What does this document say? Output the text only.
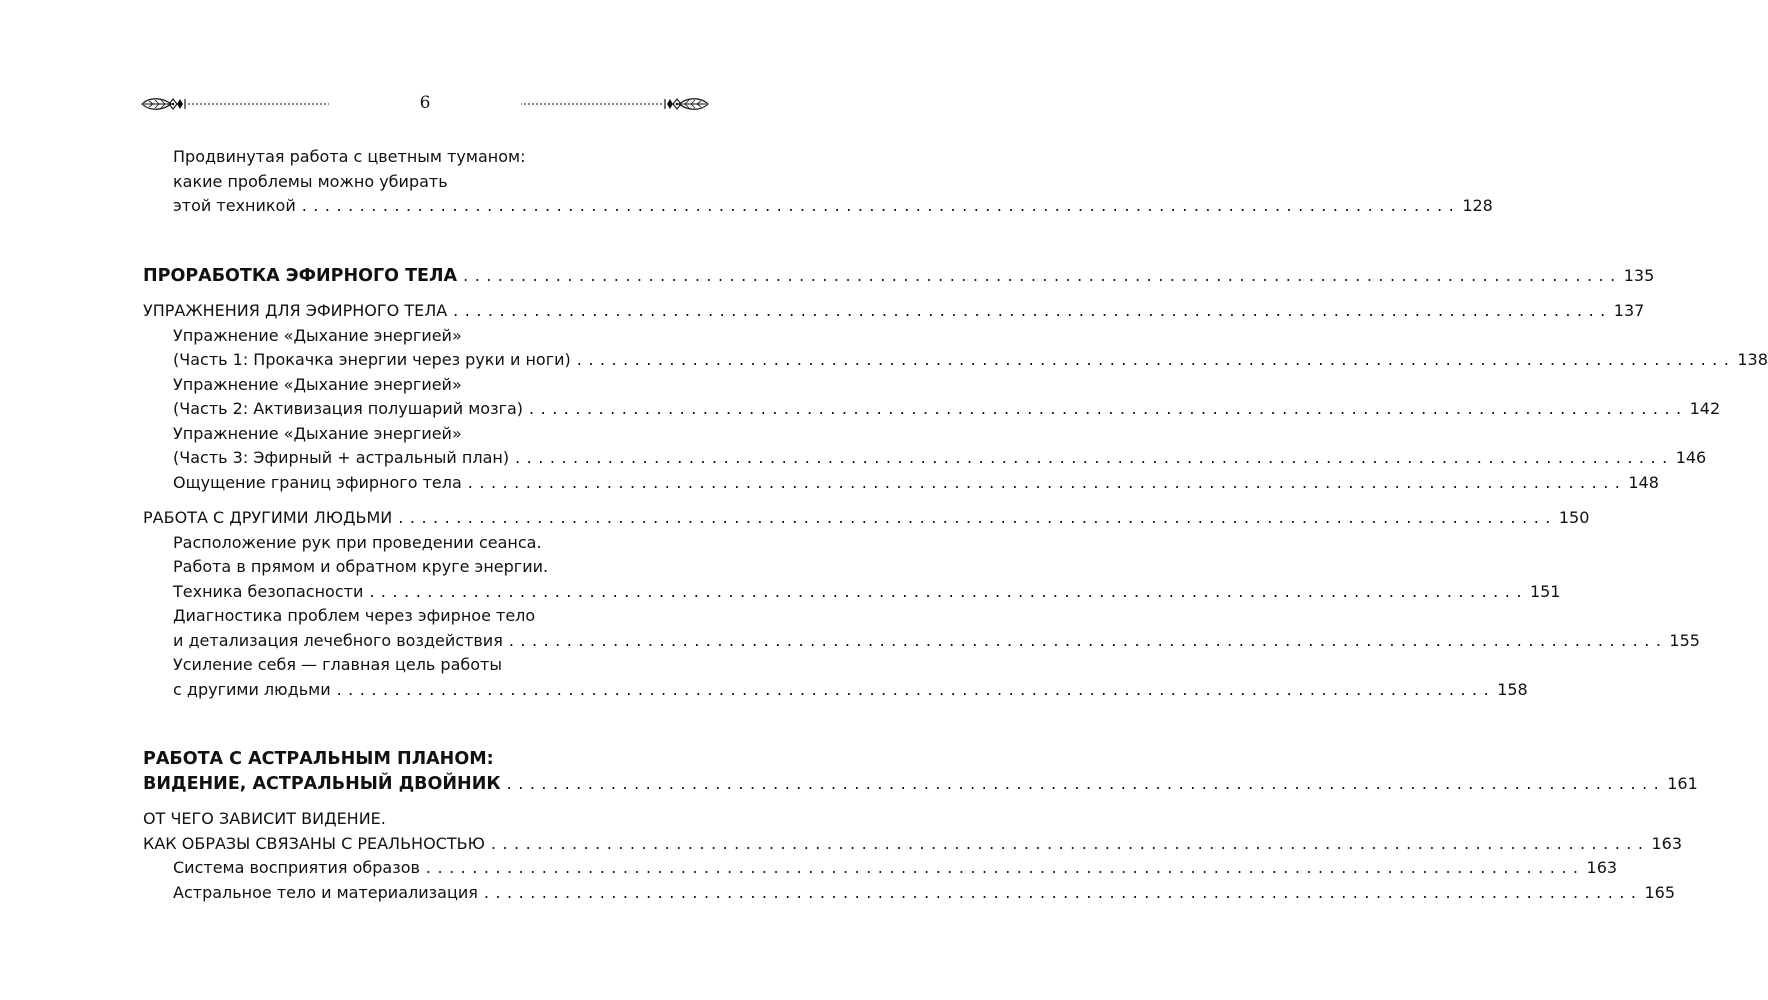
6
Продвинутая работа с цветным туманом:
какие проблемы можно убирать
этой техникой .................................................................................................... 128
ПРОРАБОТКА ЭФИРНОГО ТЕЛА .................................................................................................... 135
УПРАЖНЕНИЯ ДЛЯ ЭФИРНОГО ТЕЛА .................................................................................................... 137
Упражнение «Дыхание энергией»
(Часть 1: Прокачка энергии через руки и ноги) .................................................................................................... 138
Упражнение «Дыхание энергией»
(Часть 2: Активизация полушарий мозга) .................................................................................................... 142
Упражнение «Дыхание энергией»
(Часть 3: Эфирный + астральный план) .................................................................................................... 146
Ощущение границ эфирного тела .................................................................................................... 148
РАБОТА С ДРУГИМИ ЛЮДЬМИ .................................................................................................... 150
Расположение рук при проведении сеанса.
Работа в прямом и обратном круге энергии.
Техника безопасности .................................................................................................... 151
Диагностика проблем через эфирное тело
и детализация лечебного воздействия .................................................................................................... 155
Усиление себя — главная цель работы
с другими людьми .................................................................................................... 158
РАБОТА С АСТРАЛЬНЫМ ПЛАНОМ:
ВИДЕНИЕ, АСТРАЛЬНЫЙ ДВОЙНИК .................................................................................................... 161
ОТ ЧЕГО ЗАВИСИТ ВИДЕНИЕ.
КАК ОБРАЗЫ СВЯЗАНЫ С РЕАЛЬНОСТЬЮ .................................................................................................... 163
Система восприятия образов .................................................................................................... 163
Астральное тело и материализация .................................................................................................... 165
